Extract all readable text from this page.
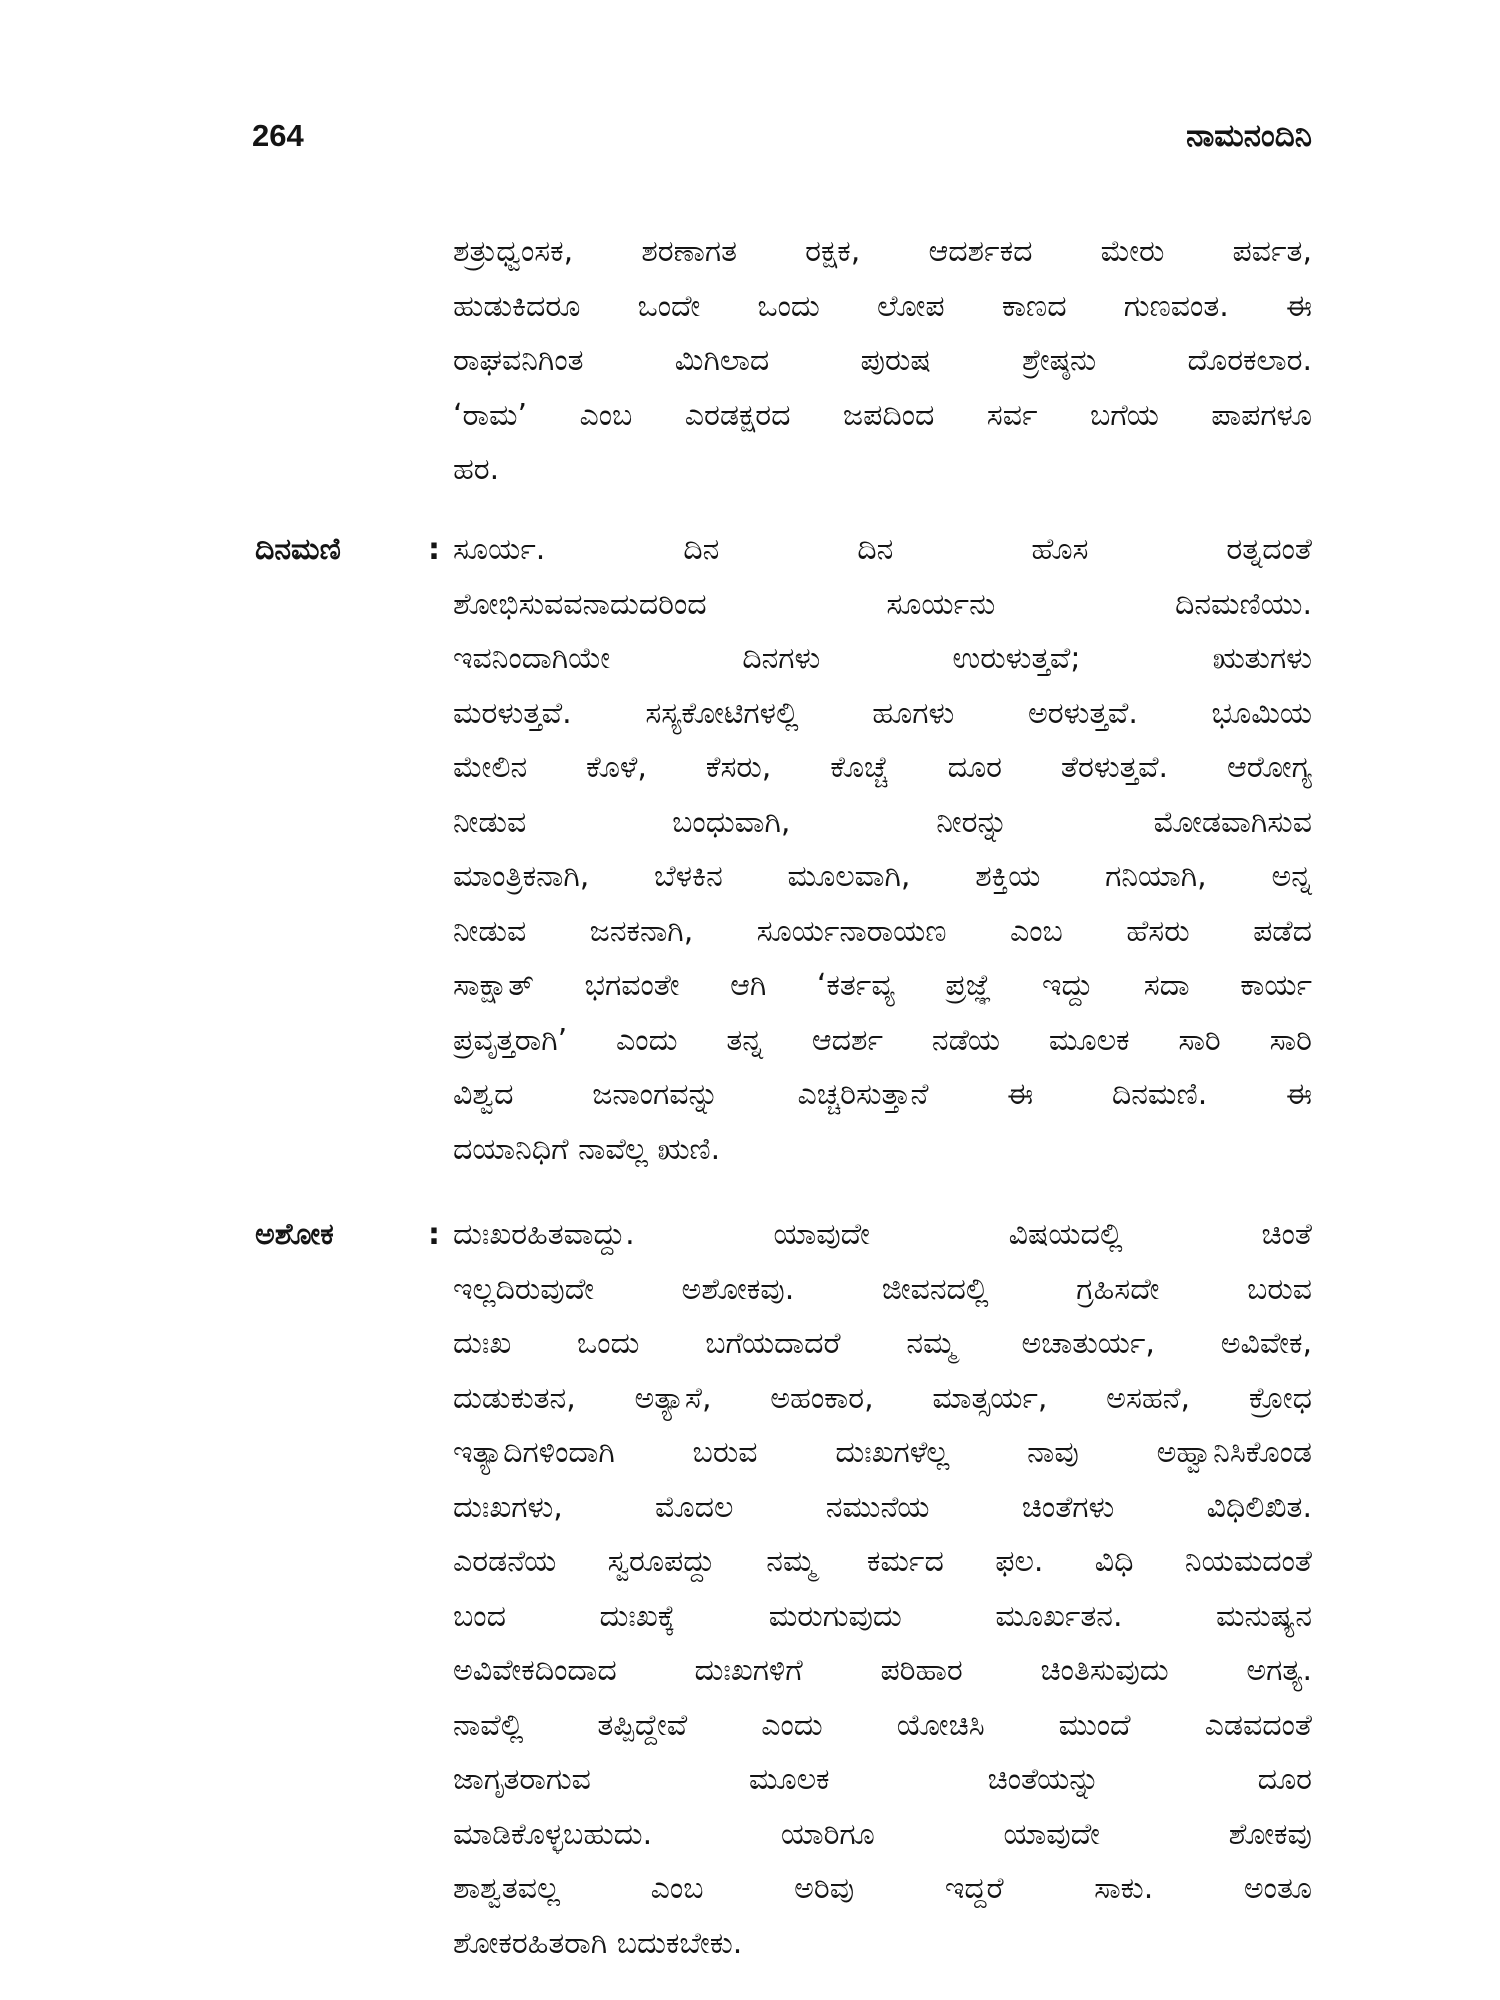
264	ನಾಮನಂದಿನಿ
ಶತ್ರುಧ್ವಂಸಕ, ಶರಣಾಗತ ರಕ್ಷಕ, ಆದರ್ಶಕದ ಮೇರು ಪರ್ವತ,
ಹುಡುಕಿದರೂ ಒಂದೇ ಒಂದು ಲೋಪ ಕಾಣದ ಗುಣವಂತ. ಈ
ರಾಘವನಿಗಿಂತ ಮಿಗಿಲಾದ ಪುರುಷ ಶ್ರೇಷ್ಠನು ದೊರಕಲಾರ.
‘ರಾಮ’ ಎಂಬ ಎರಡಕ್ಷರದ ಜಪದಿಂದ ಸರ್ವ ಬಗೆಯ ಪಾಪಗಳೂ
ಹರ.
ದಿನಮಣಿ	: ಸೂರ್ಯ. ದಿನ ದಿನ ಹೊಸ ರತ್ನದಂತೆ
ಶೋಭಿಸುವವನಾದುದರಿಂದ ಸೂರ್ಯನು ದಿನಮಣಿಯು.
ಇವನಿಂದಾಗಿಯೇ ದಿನಗಳು ಉರುಳುತ್ತವೆ; ಋತುಗಳು
ಮರಳುತ್ತವೆ. ಸಸ್ಯಕೋಟಿಗಳಲ್ಲಿ ಹೂಗಳು ಅರಳುತ್ತವೆ. ಭೂಮಿಯ
ಮೇಲಿನ ಕೊಳೆ, ಕೆಸರು, ಕೊಚ್ಚೆ ದೂರ ತೆರಳುತ್ತವೆ. ಆರೋಗ್ಯ
ನೀಡುವ ಬಂಧುವಾಗಿ, ನೀರನ್ನು ಮೋಡವಾಗಿಸುವ
ಮಾಂತ್ರಿಕನಾಗಿ, ಬೆಳಕಿನ ಮೂಲವಾಗಿ, ಶಕ್ತಿಯ ಗನಿಯಾಗಿ, ಅನ್ನ
ನೀಡುವ ಜನಕನಾಗಿ, ಸೂರ್ಯನಾರಾಯಣ ಎಂಬ ಹೆಸರು ಪಡೆದ
ಸಾಕ್ಷಾತ್ ಭಗವಂತೇ ಆಗಿ ‘ಕರ್ತವ್ಯ ಪ್ರಜ್ಞೆ ಇದ್ದು ಸದಾ ಕಾರ್ಯ
ಪ್ರವೃತ್ತರಾಗಿ’ ಎಂದು ತನ್ನ ಆದರ್ಶ ನಡೆಯ ಮೂಲಕ ಸಾರಿ ಸಾರಿ
ವಿಶ್ವದ ಜನಾಂಗವನ್ನು ಎಚ್ಚರಿಸುತ್ತಾನೆ ಈ ದಿನಮಣಿ. ಈ
ದಯಾನಿಧಿಗೆ ನಾವೆಲ್ಲ ಋಣಿ.
ಅಶೋಕ	: ದುಃಖರಹಿತವಾದ್ದು. ಯಾವುದೇ ವಿಷಯದಲ್ಲಿ ಚಿಂತೆ
ಇಲ್ಲದಿರುವುದೇ ಅಶೋಕವು. ಜೀವನದಲ್ಲಿ ಗ್ರಹಿಸದೇ ಬರುವ
ದುಃಖ ಒಂದು ಬಗೆಯದಾದರೆ ನಮ್ಮ ಅಚಾತುರ್ಯ, ಅವಿವೇಕ,
ದುಡುಕುತನ, ಅತ್ಯಾಸೆ, ಅಹಂಕಾರ, ಮಾತ್ಸರ್ಯ, ಅಸಹನೆ, ಕ್ರೋಧ
ಇತ್ಯಾದಿಗಳಿಂದಾಗಿ ಬರುವ ದುಃಖಗಳೆಲ್ಲ ನಾವು ಅಹ್ವಾನಿಸಿಕೊಂಡ
ದುಃಖಗಳು, ಮೊದಲ ನಮುನೆಯ ಚಿಂತೆಗಳು ವಿಧಿಲಿಖಿತ.
ಎರಡನೆಯ ಸ್ವರೂಪದ್ದು ನಮ್ಮ ಕರ್ಮದ ಫಲ. ವಿಧಿ ನಿಯಮದಂತೆ
ಬಂದ ದುಃಖಕ್ಕೆ ಮರುಗುವುದು ಮೂರ್ಖತನ. ಮನುಷ್ಯನ
ಅವಿವೇಕದಿಂದಾದ ದುಃಖಗಳಿಗೆ ಪರಿಹಾರ ಚಿಂತಿಸುವುದು ಅಗತ್ಯ.
ನಾವೆಲ್ಲಿ ತಪ್ಪಿದ್ದೇವೆ ಎಂದು ಯೋಚಿಸಿ ಮುಂದೆ ಎಡವದಂತೆ
ಜಾಗೃತರಾಗುವ ಮೂಲಕ ಚಿಂತೆಯನ್ನು ದೂರ
ಮಾಡಿಕೊಳ್ಳಬಹುದು. ಯಾರಿಗೂ ಯಾವುದೇ ಶೋಕವು
ಶಾಶ್ವತವಲ್ಲ ಎಂಬ ಅರಿವು ಇದ್ದರೆ ಸಾಕು. ಅಂತೂ
ಶೋಕರಹಿತರಾಗಿ ಬದುಕಬೇಕು.
